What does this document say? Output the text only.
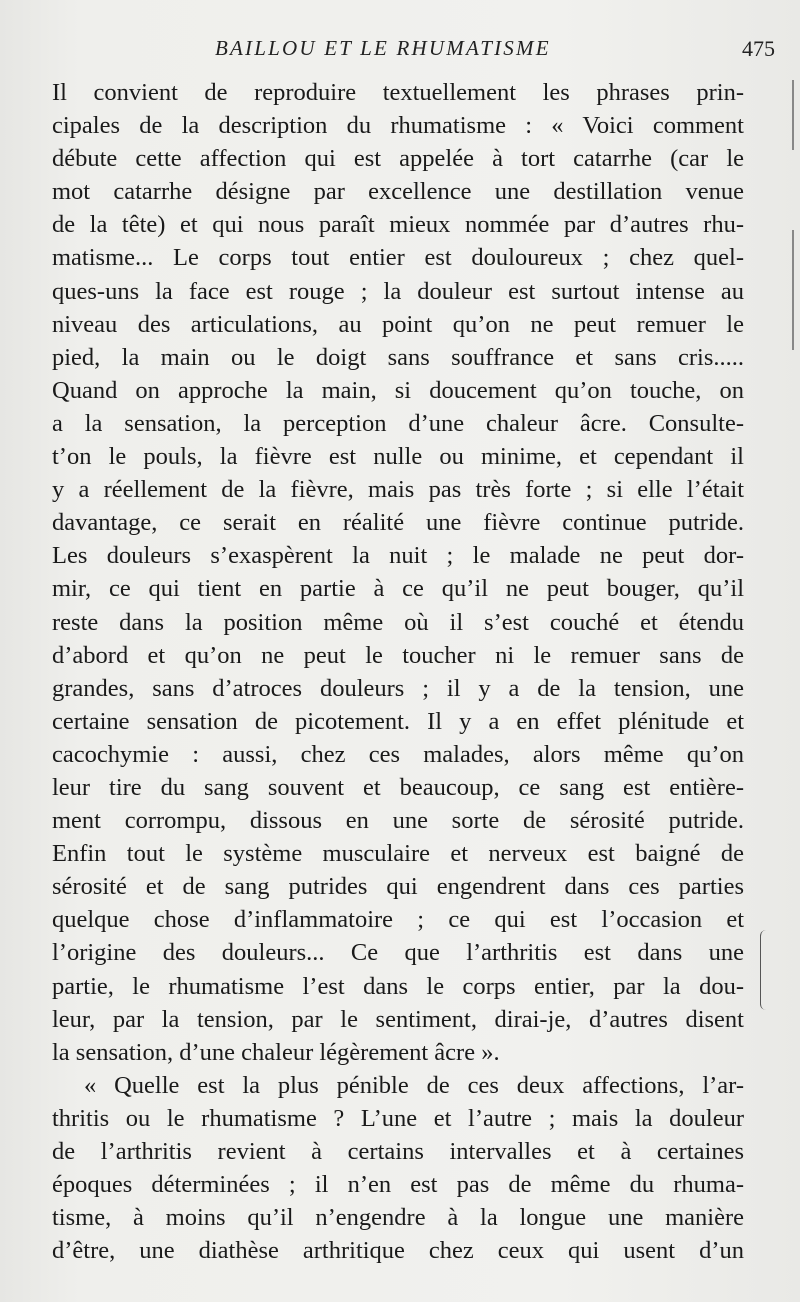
BAILLOU ET LE RHUMATISME	475
Il convient de reproduire textuellement les phrases prin-
cipales de la description du rhumatisme : « Voici comment
débute cette affection qui est appelée à tort catarrhe (car le
mot catarrhe désigne par excellence une destillation venue
de la tête) et qui nous paraît mieux nommée par d’autres rhu-
matisme... Le corps tout entier est douloureux ; chez quel-
ques-uns la face est rouge ; la douleur est surtout intense au
niveau des articulations, au point qu’on ne peut remuer le
pied, la main ou le doigt sans souffrance et sans cris.....
Quand on approche la main, si doucement qu’on touche, on
a la sensation, la perception d’une chaleur âcre. Consulte-
t’on le pouls, la fièvre est nulle ou minime, et cependant il
y a réellement de la fièvre, mais pas très forte ; si elle l’était
davantage, ce serait en réalité une fièvre continue putride.
Les douleurs s’exaspèrent la nuit ; le malade ne peut dor-
mir, ce qui tient en partie à ce qu’il ne peut bouger, qu’il
reste dans la position même où il s’est couché et étendu
d’abord et qu’on ne peut le toucher ni le remuer sans de
grandes, sans d’atroces douleurs ; il y a de la tension, une
certaine sensation de picotement. Il y a en effet plénitude et
cacochymie : aussi, chez ces malades, alors même qu’on
leur tire du sang souvent et beaucoup, ce sang est entière-
ment corrompu, dissous en une sorte de sérosité putride.
Enfin tout le système musculaire et nerveux est baigné de
sérosité et de sang putrides qui engendrent dans ces parties
quelque chose d’inflammatoire ; ce qui est l’occasion et
l’origine des douleurs... Ce que l’arthritis est dans une
partie, le rhumatisme l’est dans le corps entier, par la dou-
leur, par la tension, par le sentiment, dirai-je, d’autres disent
la sensation, d’une chaleur légèrement âcre ».
« Quelle est la plus pénible de ces deux affections, l’ar-
thritis ou le rhumatisme ? L’une et l’autre ; mais la douleur
de l’arthritis revient à certains intervalles et à certaines
époques déterminées ; il n’en est pas de même du rhuma-
tisme, à moins qu’il n’engendre à la longue une manière
d’être, une diathèse arthritique chez ceux qui usent d’un
